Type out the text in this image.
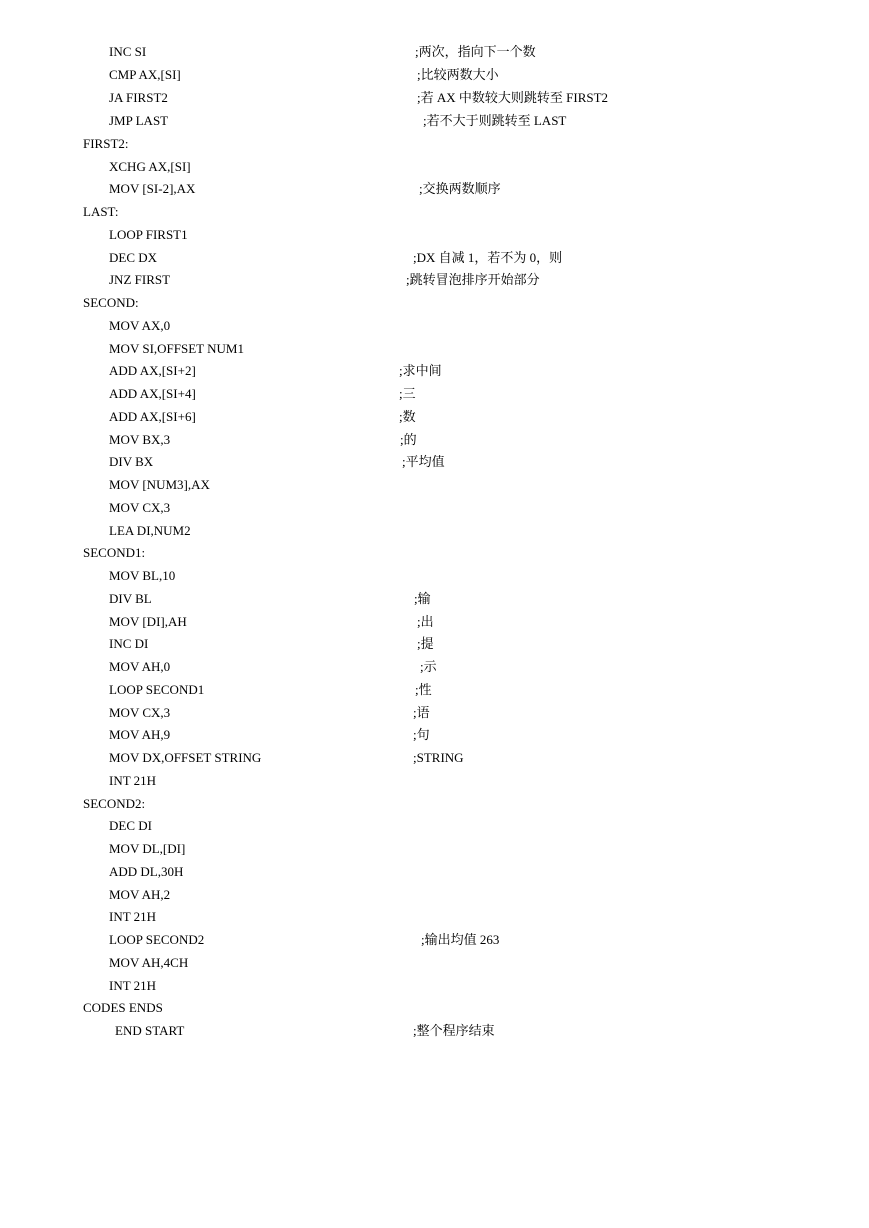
INC SI	;两次，指向下一个数
CMP AX,[SI]	;比较两数大小
JA FIRST2	;若 AX 中数较大则跳转至 FIRST2
JMP LAST	;若不大于则跳转至 LAST
FIRST2:
XCHG AX,[SI]
MOV [SI-2],AX	;交换两数顺序
LAST:
LOOP FIRST1
DEC DX	;DX 自减 1，若不为 0，则
JNZ FIRST	;跳转冒泡排序开始部分
SECOND:
MOV AX,0
MOV SI,OFFSET NUM1
ADD AX,[SI+2]	;求中间
ADD AX,[SI+4]	;三
ADD AX,[SI+6]	;数
MOV BX,3	;的
DIV BX	;平均值
MOV [NUM3],AX
MOV CX,3
LEA DI,NUM2
SECOND1:
MOV BL,10
DIV BL	;输
MOV [DI],AH	;出
INC DI	;提
MOV AH,0	;示
LOOP SECOND1	;性
MOV CX,3	;语
MOV AH,9	;句
MOV DX,OFFSET STRING	;STRING
INT 21H
SECOND2:
DEC DI
MOV DL,[DI]
ADD DL,30H
MOV AH,2
INT 21H
LOOP SECOND2	;输出均值 263
MOV AH,4CH
INT 21H
CODES ENDS
END START	;整个程序结束
